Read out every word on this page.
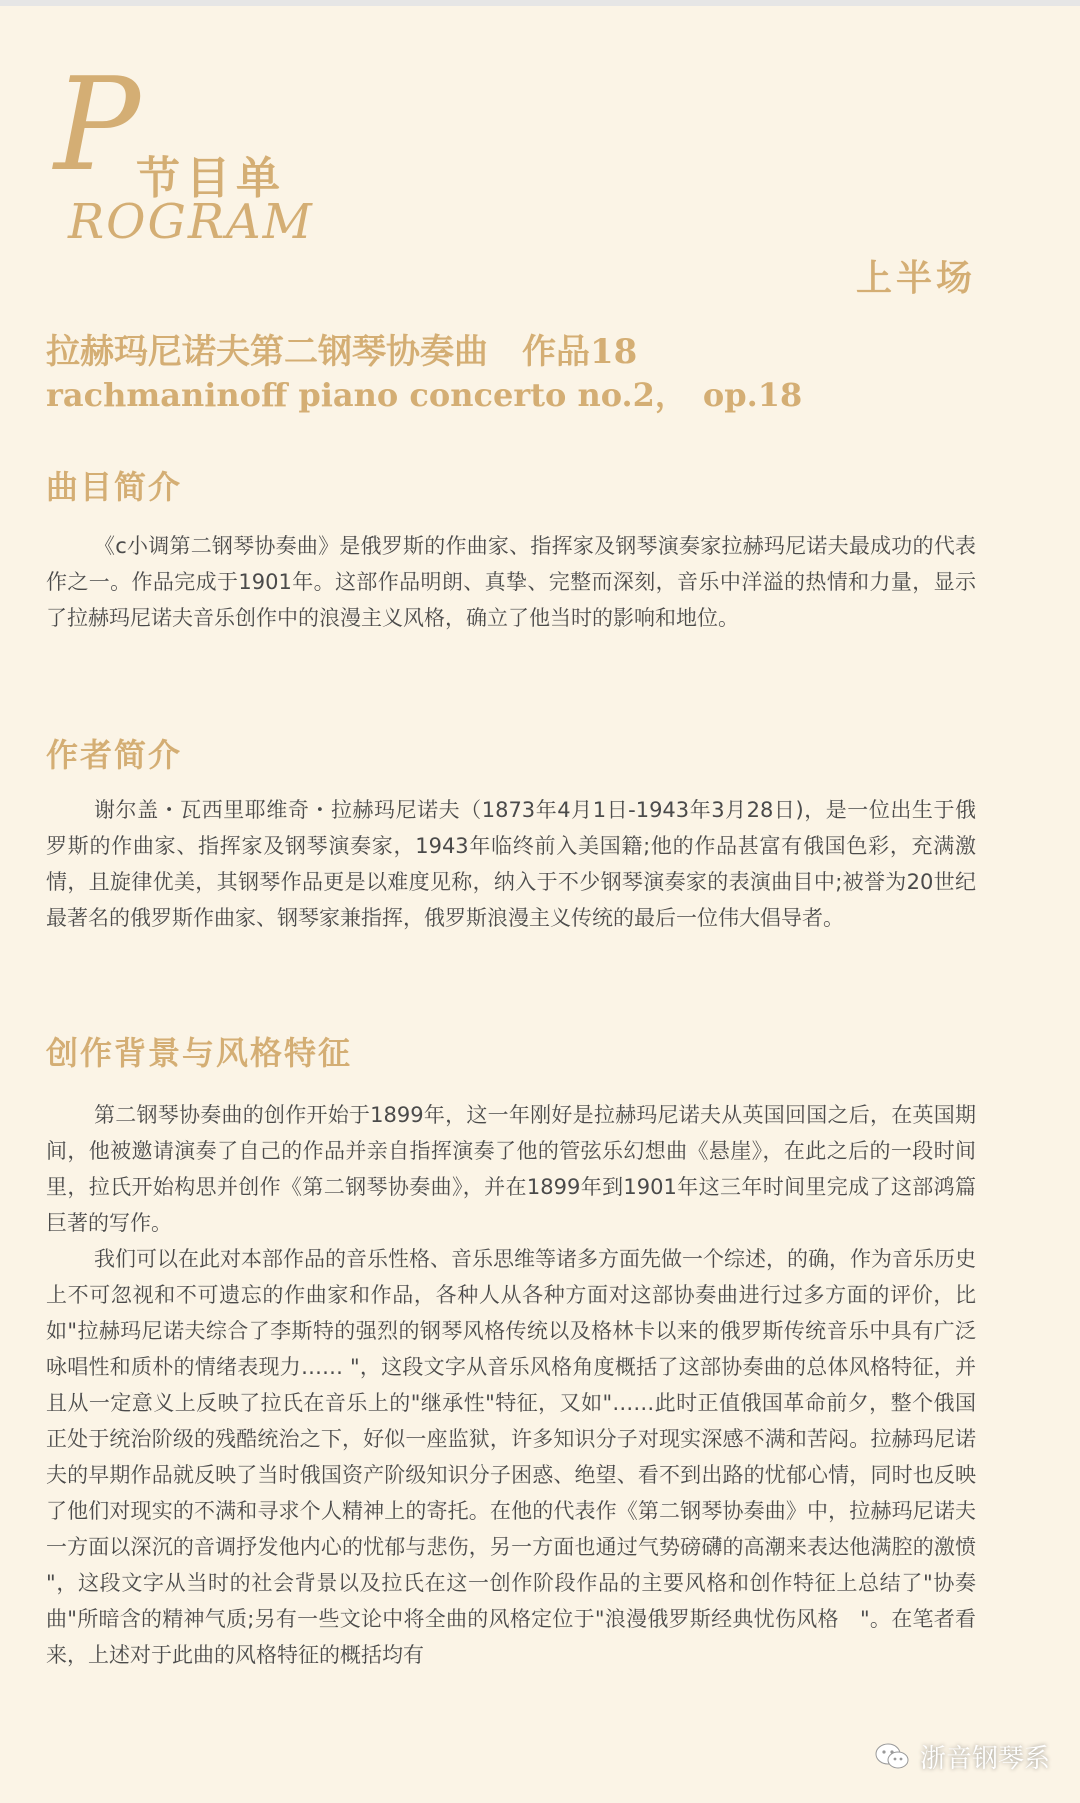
P
节目单
ROGRAM
上半场
拉赫玛尼诺夫第二钢琴协奏曲　作品18
rachmaninoff piano concerto no.2，　op.18
曲目简介

《c小调第二钢琴协奏曲》是俄罗斯的作曲家、指挥家及钢琴演奏家拉赫玛尼诺夫最成功的代表作之一。作品完成于1901年。这部作品明朗、真挚、完整而深刻，音乐中洋溢的热情和力量，显示了拉赫玛尼诺夫音乐创作中的浪漫主义风格，确立了他当时的影响和地位。

作者简介

谢尔盖・瓦西里耶维奇・拉赫玛尼诺夫（1873年4月1日-1943年3月28日)，是一位出生于俄罗斯的作曲家、指挥家及钢琴演奏家，1943年临终前入美国籍;他的作品甚富有俄国色彩，充满激情，且旋律优美，其钢琴作品更是以难度见称，纳入于不少钢琴演奏家的表演曲目中;被誉为20世纪最著名的俄罗斯作曲家、钢琴家兼指挥，俄罗斯浪漫主义传统的最后一位伟大倡导者。

创作背景与风格特征

第二钢琴协奏曲的创作开始于1899年，这一年刚好是拉赫玛尼诺夫从英国回国之后，在英国期间，他被邀请演奏了自己的作品并亲自指挥演奏了他的管弦乐幻想曲《悬崖》，在此之后的一段时间里，拉氏开始构思并创作《第二钢琴协奏曲》，并在1899年到1901年这三年时间里完成了这部鸿篇巨著的写作。

我们可以在此对本部作品的音乐性格、音乐思维等诸多方面先做一个综述，的确，作为音乐历史上不可忽视和不可遗忘的作曲家和作品，各种人从各种方面对这部协奏曲进行过多方面的评价，比如"拉赫玛尼诺夫综合了李斯特的强烈的钢琴风格传统以及格林卡以来的俄罗斯传统音乐中具有广泛咏唱性和质朴的情绪表现力…… "，这段文字从音乐风格角度概括了这部协奏曲的总体风格特征，并且从一定意义上反映了拉氏在音乐上的"继承性"特征，又如"……此时正值俄国革命前夕，整个俄国正处于统治阶级的残酷统治之下，好似一座监狱，许多知识分子对现实深感不满和苦闷。拉赫玛尼诺夫的早期作品就反映了当时俄国资产阶级知识分子困惑、绝望、看不到出路的忧郁心情，同时也反映了他们对现实的不满和寻求个人精神上的寄托。在他的代表作《第二钢琴协奏曲》中，拉赫玛尼诺夫一方面以深沉的音调抒发他内心的忧郁与悲伤，另一方面也通过气势磅礴的高潮来表达他满腔的激愤 "，这段文字从当时的社会背景以及拉氏在这一创作阶段作品的主要风格和创作特征上总结了"协奏曲"所暗含的精神气质;另有一些文论中将全曲的风格定位于"浪漫俄罗斯经典忧伤风格　"。在笔者看来，上述对于此曲的风格特征的概括均有

浙音钢琴系
